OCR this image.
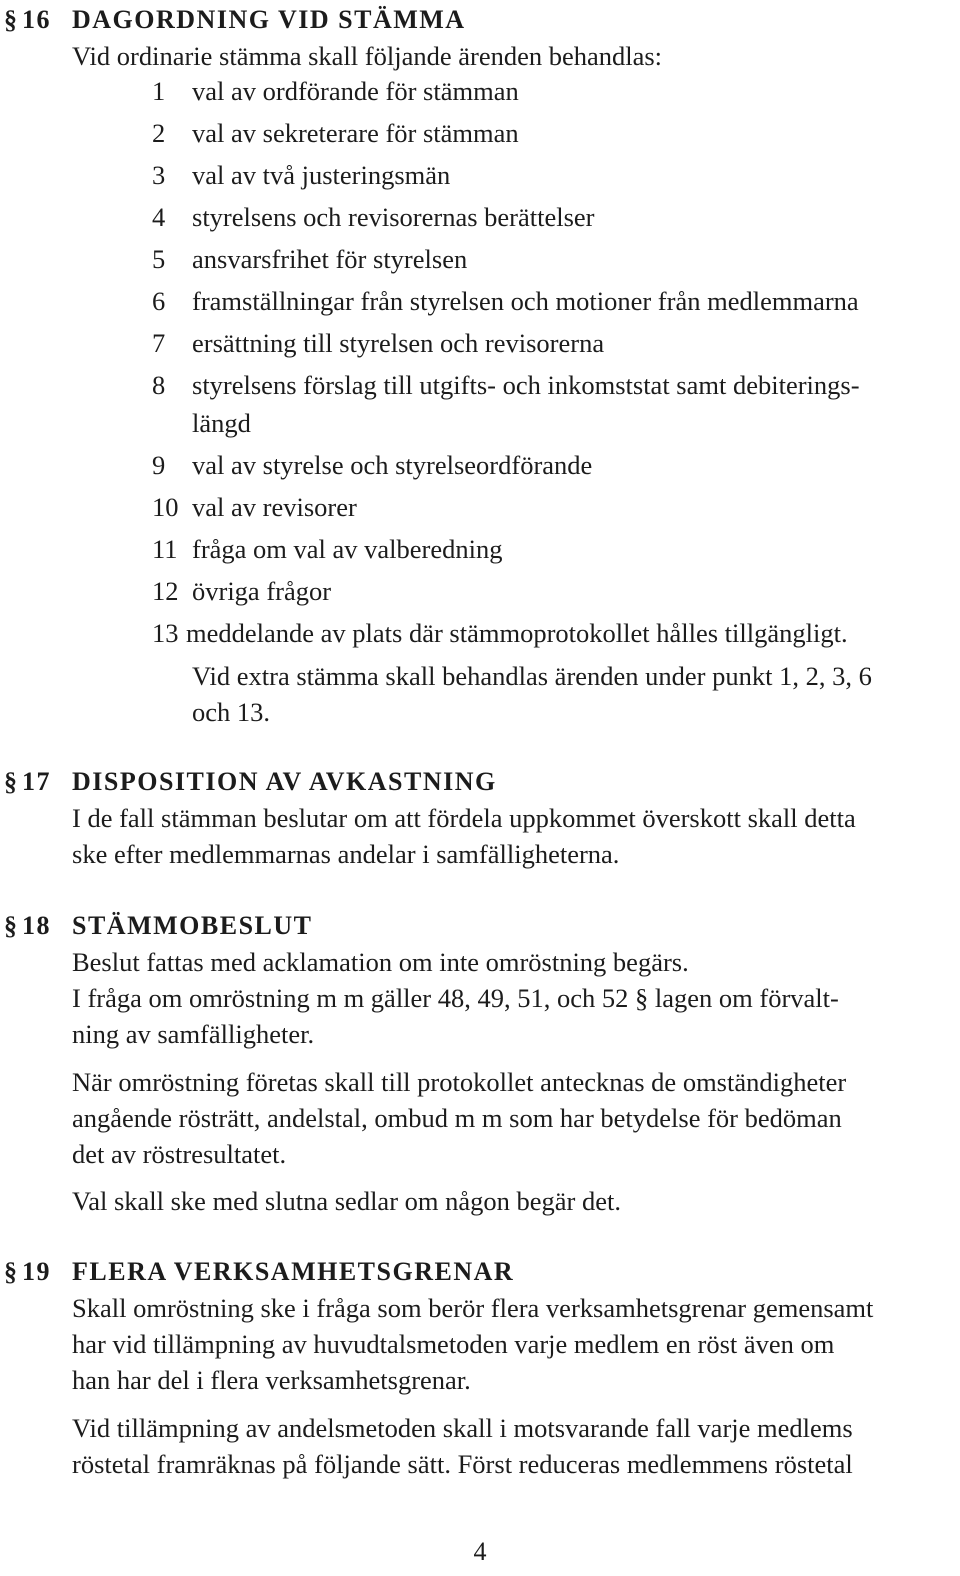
§ 16 DAGORDNING VID STÄMMA
Vid ordinarie stämma skall följande ärenden behandlas:
1 val av ordförande för stämman
2 val av sekreterare för stämman
3 val av två justeringsmän
4 styrelsens och revisorernas berättelser
5 ansvarsfrihet för styrelsen
6 framställningar från styrelsen och motioner från medlemmarna
7 ersättning till styrelsen och revisorerna
8 styrelsens förslag till utgifts- och inkomststat samt debiterings-
längd
9 val av styrelse och styrelseordförande
10 val av revisorer
11 fråga om val av valberedning
12 övriga frågor
13 meddelande av plats där stämmoprotokollet hålles tillgängligt.
Vid extra stämma skall behandlas ärenden under punkt 1, 2, 3, 6
och 13.
§ 17 DISPOSITION AV AVKASTNING
I de fall stämman beslutar om att fördela uppkommet överskott skall detta
ske efter medlemmarnas andelar i samfälligheterna.
§ 18 STÄMMOBESLUT
Beslut fattas med acklamation om inte omröstning begärs.
I fråga om omröstning m m gäller 48, 49, 51, och 52 § lagen om förvalt-
ning av samfälligheter.
När omröstning företas skall till protokollet antecknas de omständigheter
angående rösträtt, andelstal, ombud m m som har betydelse för bedöman
det av röstresultatet.
Val skall ske med slutna sedlar om någon begär det.
§ 19 FLERA VERKSAMHETSGRENAR
Skall omröstning ske i fråga som berör flera verksamhetsgrenar gemensamt
har vid tillämpning av huvudtalsmetoden varje medlem en röst även om
han har del i flera verksamhetsgrenar.
Vid tillämpning av andelsmetoden skall i motsvarande fall varje medlems
röstetal framräknas på följande sätt. Först reduceras medlemmens röstetal
4
